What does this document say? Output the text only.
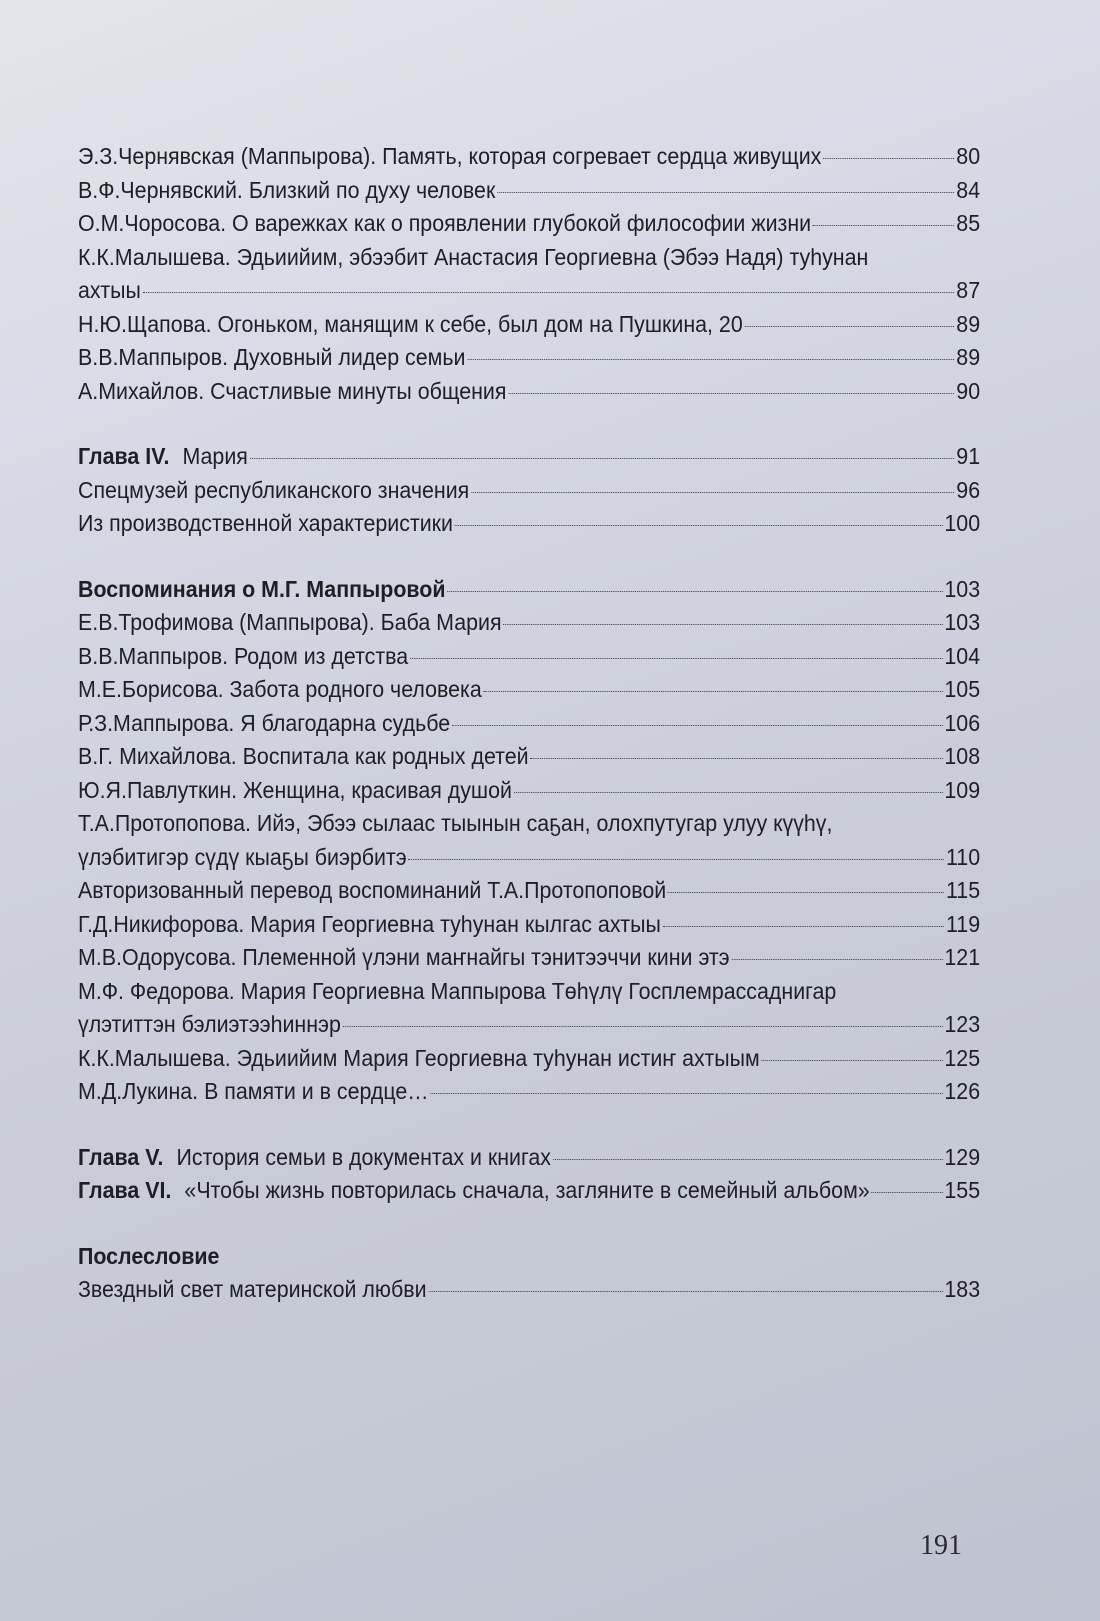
Э.З.Чернявская (Маппырова). Память, которая согревает сердца живущих	80
В.Ф.Чернявский. Близкий по духу человек	84
О.М.Чоросова. О варежках как о проявлении глубокой философии жизни	85
К.К.Малышева. Эдьиийим, эбээбит Анастасия Георгиевна (Эбээ Надя) туһунан
ахтыы	87
Н.Ю.Щапова. Огоньком, манящим к себе, был дом на Пушкина, 20	89
В.В.Маппыров. Духовный лидер семьи	89
А.Михайлов. Счастливые минуты общения	90
Глава IV. Мария	91
Спецмузей республиканского значения	96
Из производственной характеристики	100
Воспоминания о М.Г. Маппыровой	103
Е.В.Трофимова (Маппырова). Баба Мария	103
В.В.Маппыров. Родом из детства	104
М.Е.Борисова. Забота родного человека	105
Р.З.Маппырова. Я благодарна судьбе	106
В.Г. Михайлова. Воспитала как родных детей	108
Ю.Я.Павлуткин. Женщина, красивая душой	109
Т.А.Протопопова. Ийэ, Эбээ сылаас тыынын саҕан, олохпутугар улуу күүһү,
үлэбитигэр сүдү кыаҕы биэрбитэ	110
Авторизованный перевод воспоминаний Т.А.Протопоповой	115
Г.Д.Никифорова. Мария Георгиевна туһунан кылгас ахтыы	119
М.В.Одорусова. Племенной үлэни маҥнайгы тэнитээччи кини этэ	121
М.Ф. Федорова. Мария Георгиевна Маппырова Төһүлү Госплемрассаднигар
үлэтиттэн бэлиэтээһиннэр	123
К.К.Малышева. Эдьиийим Мария Георгиевна туһунан истиҥ ахтыым	125
М.Д.Лукина. В памяти и в сердце…	126
Глава V. История семьи в документах и книгах	129
Глава VI. «Чтобы жизнь повторилась сначала, загляните в семейный альбом»	155
Послесловие
Звездный свет материнской любви	183
191
